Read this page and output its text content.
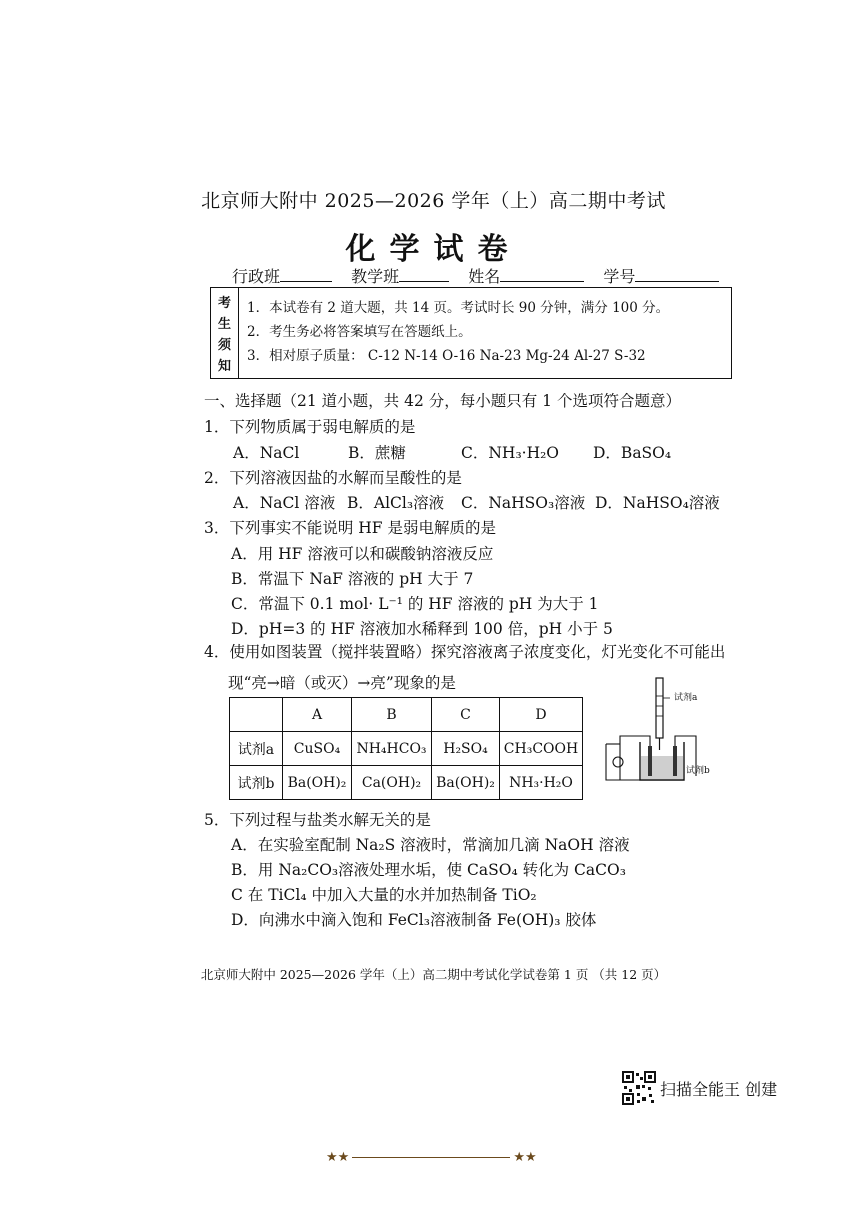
北京师大附中 2025—2026 学年（上）高二期中考试
化学试卷
行政班	教学班	姓名	学号
考
生
须
知
1．本试卷有 2 道大题，共 14 页。考试时长 90 分钟，满分 100 分。
2．考生务必将答案填写在答题纸上。
3．相对原子质量： C-12 N-14 O-16 Na-23 Mg-24 Al-27 S-32
一、选择题（21 道小题，共 42 分，每小题只有 1 个选项符合题意）
1．下列物质属于弱电解质的是
A．NaCl	B．蔗糖	C．NH₃·H₂O D．BaSO₄
2．下列溶液因盐的水解而呈酸性的是
A．NaCl 溶液 B．AlCl₃溶液 C．NaHSO₃溶液 D．NaHSO₄溶液
3．下列事实不能说明 HF 是弱电解质的是
A．用 HF 溶液可以和碳酸钠溶液反应
B．常温下 NaF 溶液的 pH 大于 7
C．常温下 0.1 mol· L⁻¹ 的 HF 溶液的 pH 为大于 1
D．pH=3 的 HF 溶液加水稀释到 100 倍，pH 小于 5
4．使用如图装置（搅拌装置略）探究溶液离子浓度变化，灯光变化不可能出
现“亮→暗（或灭）→亮”现象的是
	A	B	C	D
试剂a	CuSO₄	NH₄HCO₃	H₂SO₄	CH₃COOH
试剂b	Ba(OH)₂	Ca(OH)₂	Ba(OH)₂	NH₃·H₂O
试剂a
试剂b
5．下列过程与盐类水解无关的是
A．在实验室配制 Na₂S 溶液时，常滴加几滴 NaOH 溶液
B．用 Na₂CO₃溶液处理水垢，使 CaSO₄ 转化为 CaCO₃
C 在 TiCl₄ 中加入大量的水并加热制备 TiO₂
D．向沸水中滴入饱和 FeCl₃溶液制备 Fe(OH)₃ 胶体
北京师大附中 2025—2026 学年（上）高二期中考试化学试卷第 1 页 （共 12 页）
扫描全能王 创建
★★	★★
